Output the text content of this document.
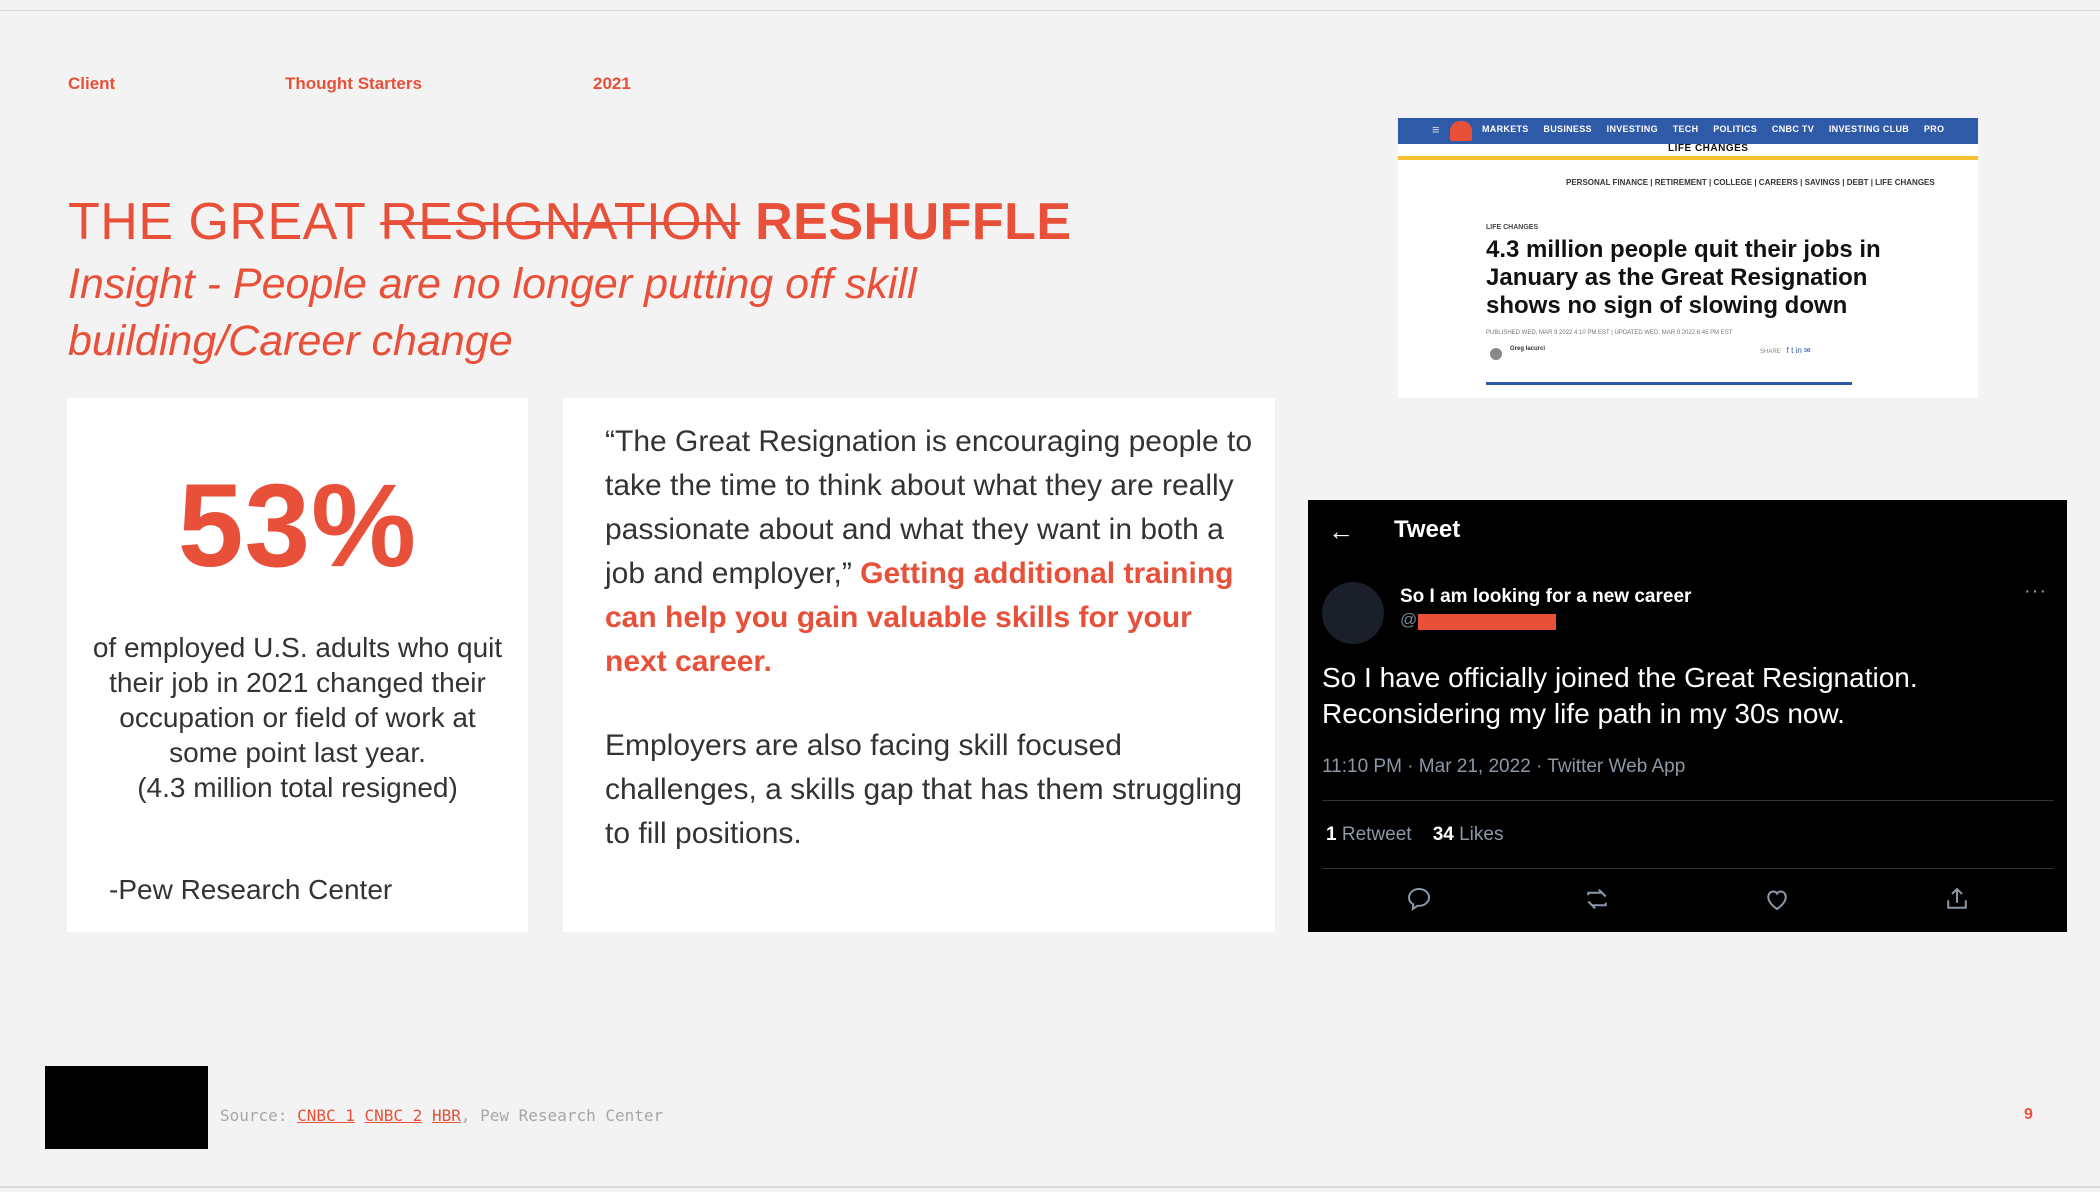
Client	Thought Starters	2021
THE GREAT RESIGNATION RESHUFFLE

Insight - People are no longer putting off skill building/Career change

53%
of employed U.S. adults who quit their job in 2021 changed their occupation or field of work at some point last year.
(4.3 million total resigned)
-Pew Research Center

“The Great Resignation is encouraging people to take the time to think about what they are really passionate about and what they want in both a job and employer,” Getting additional training can help you gain valuable skills for your next career.

Employers are also facing skill focused challenges, a skills gap that has them struggling to fill positions.

≡	MARKETS BUSINESS INVESTING TECH POLITICS CNBC TV INVESTING CLUB PRO
LIFE CHANGES
PERSONAL FINANCE | RETIREMENT | COLLEGE | CAREERS | SAVINGS | DEBT | LIFE CHANGES
LIFE CHANGES
4.3 million people quit their jobs in January as the Great Resignation shows no sign of slowing down
PUBLISHED WED, MAR 9 2022 4:10 PM EST | UPDATED WED, MAR 9 2022 6:45 PM EST
Greg Iacurci	SHARE f t in ✉
← Tweet
So I am looking for a new career
@
···

So I have officially joined the Great Resignation. Reconsidering my life path in my 30s now.

11:10 PM · Mar 21, 2022 · Twitter Web App
1 Retweet 34 Likes
Source: CNBC 1 CNBC 2 HBR, Pew Research Center	9
